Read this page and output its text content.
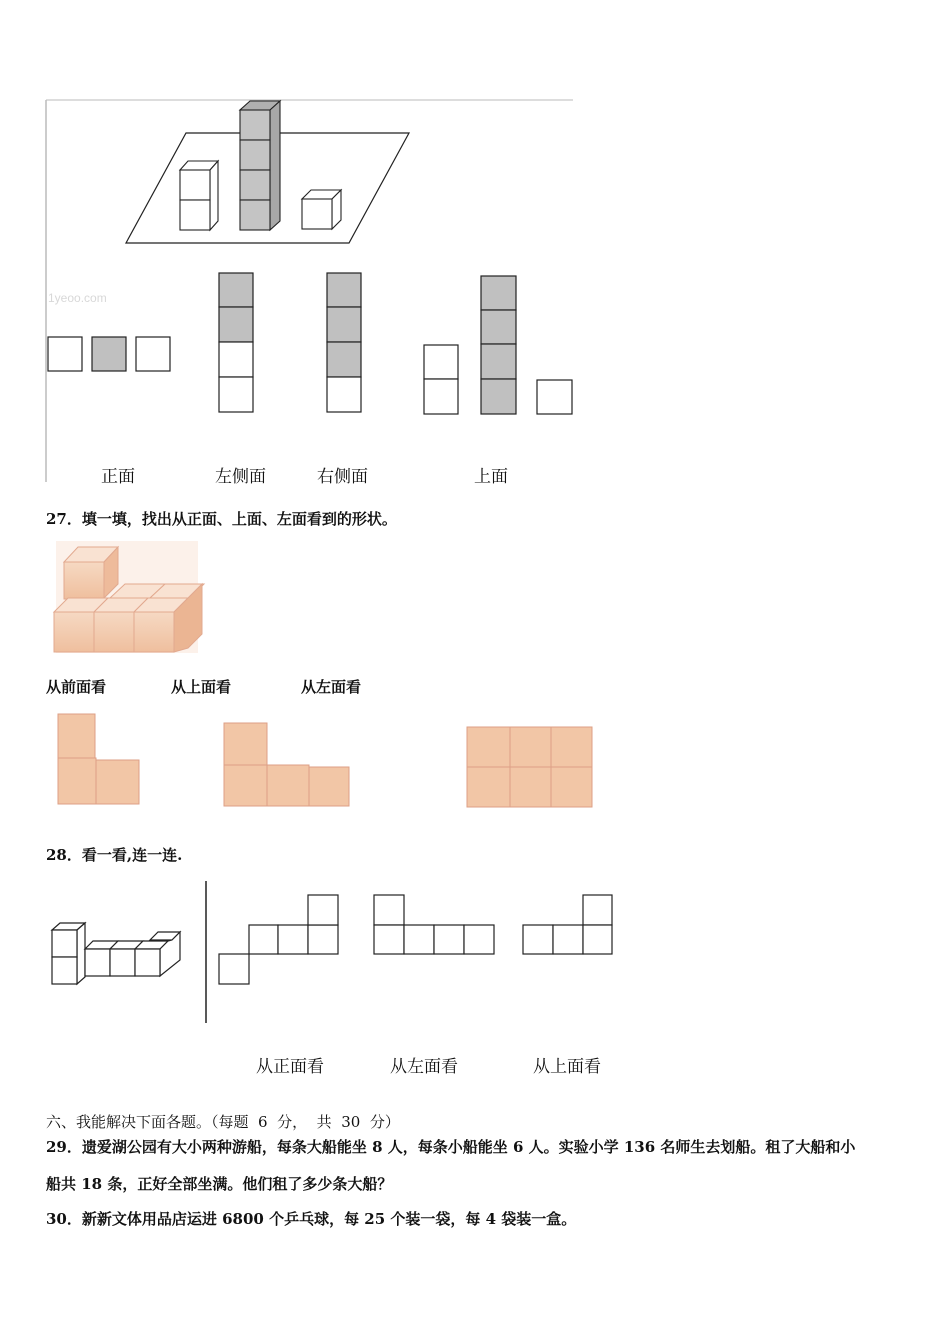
1yeoo.com
正面	左侧面	右侧面	上面
27．填一填，找出从正面、上面、左面看到的形状。
从前面看	从上面看	从左面看
28．看一看,连一连.
从正面看	从左面看	从上面看
六、我能解决下面各题。（每题  6  分，  共  30  分）
29．遗爱湖公园有大小两种游船，每条大船能坐 8 人，每条小船能坐 6 人。实验小学 136 名师生去划船。租了大船和小
船共 18 条，正好全部坐满。他们租了多少条大船？
30．新新文体用品店运进 6800 个乒乓球，每 25 个装一袋，每 4 袋装一盒。
